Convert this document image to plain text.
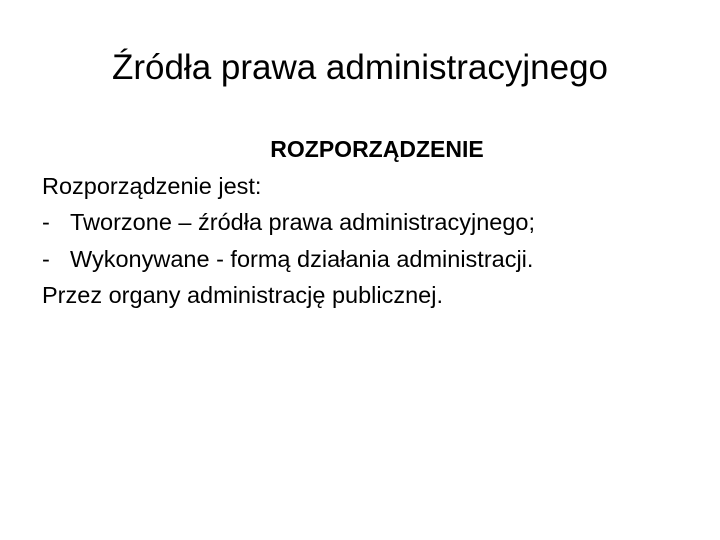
Źródła prawa administracyjnego
ROZPORZĄDZENIE
Rozporządzenie jest:
- Tworzone – źródła prawa administracyjnego;
- Wykonywane - formą działania administracji.
Przez organy administrację publicznej.
